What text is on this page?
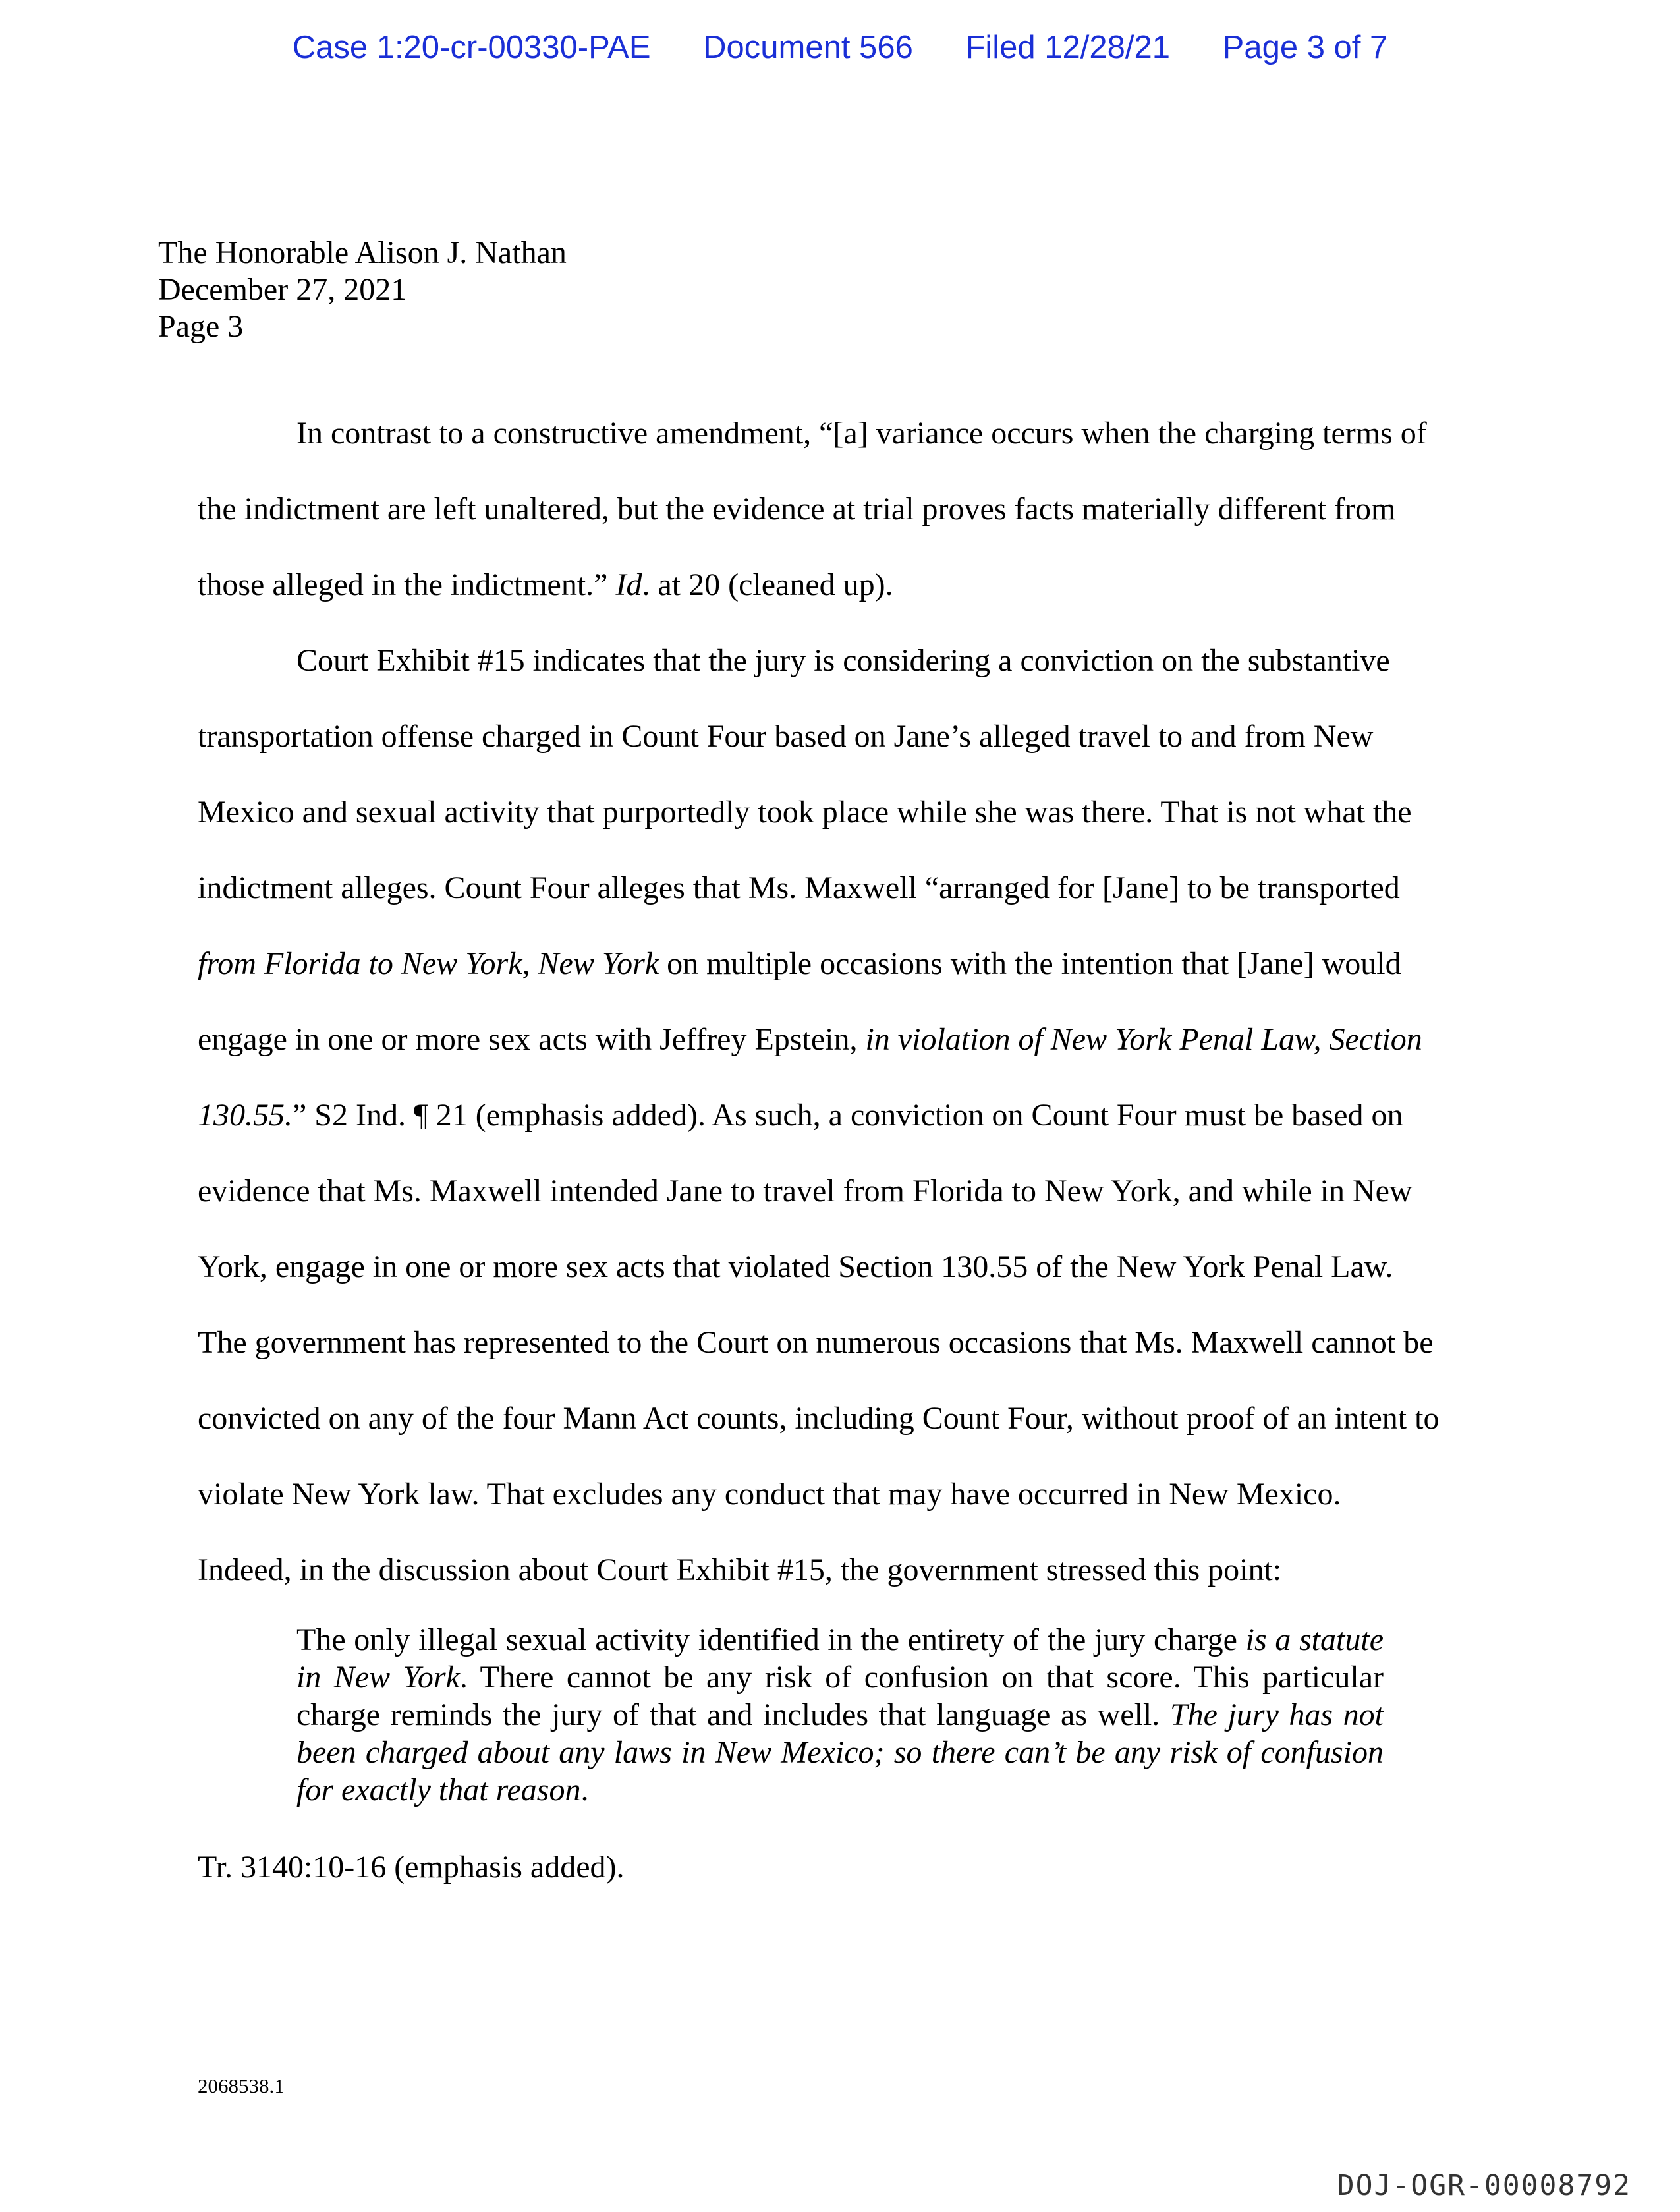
Case 1:20-cr-00330-PAE Document 566 Filed 12/28/21 Page 3 of 7
The Honorable Alison J. Nathan
December 27, 2021
Page 3
In contrast to a constructive amendment, “[a] variance occurs when the charging terms of
the indictment are left unaltered, but the evidence at trial proves facts materially different from
those alleged in the indictment.” Id. at 20 (cleaned up).
Court Exhibit #15 indicates that the jury is considering a conviction on the substantive
transportation offense charged in Count Four based on Jane’s alleged travel to and from New
Mexico and sexual activity that purportedly took place while she was there. That is not what the
indictment alleges. Count Four alleges that Ms. Maxwell “arranged for [Jane] to be transported
from Florida to New York, New York on multiple occasions with the intention that [Jane] would
engage in one or more sex acts with Jeffrey Epstein, in violation of New York Penal Law, Section
130.55.” S2 Ind. ¶ 21 (emphasis added). As such, a conviction on Count Four must be based on
evidence that Ms. Maxwell intended Jane to travel from Florida to New York, and while in New
York, engage in one or more sex acts that violated Section 130.55 of the New York Penal Law.
The government has represented to the Court on numerous occasions that Ms. Maxwell cannot be
convicted on any of the four Mann Act counts, including Count Four, without proof of an intent to
violate New York law. That excludes any conduct that may have occurred in New Mexico.
Indeed, in the discussion about Court Exhibit #15, the government stressed this point:
The only illegal sexual activity identified in the entirety of the jury charge is a statute in New York. There cannot be any risk of confusion on that score. This particular charge reminds the jury of that and includes that language as well. The jury has not been charged about any laws in New Mexico; so there can’t be any risk of confusion for exactly that reason.
Tr. 3140:10-16 (emphasis added).
2068538.1
DOJ-OGR-00008792
